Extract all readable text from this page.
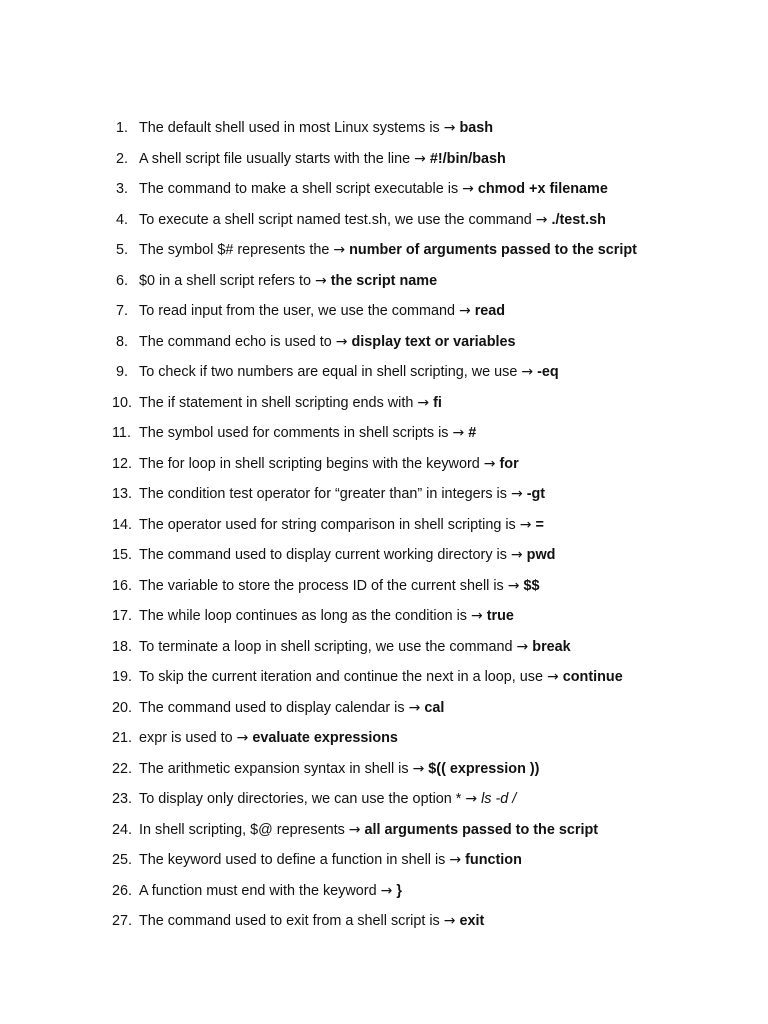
1. The default shell used in most Linux systems is → bash
2. A shell script file usually starts with the line → #!/bin/bash
3. The command to make a shell script executable is → chmod +x filename
4. To execute a shell script named test.sh, we use the command → ./test.sh
5. The symbol $# represents the → number of arguments passed to the script
6. $0 in a shell script refers to → the script name
7. To read input from the user, we use the command → read
8. The command echo is used to → display text or variables
9. To check if two numbers are equal in shell scripting, we use → -eq
10. The if statement in shell scripting ends with → fi
11. The symbol used for comments in shell scripts is → #
12. The for loop in shell scripting begins with the keyword → for
13. The condition test operator for “greater than” in integers is → -gt
14. The operator used for string comparison in shell scripting is → =
15. The command used to display current working directory is → pwd
16. The variable to store the process ID of the current shell is → $$
17. The while loop continues as long as the condition is → true
18. To terminate a loop in shell scripting, we use the command → break
19. To skip the current iteration and continue the next in a loop, use → continue
20. The command used to display calendar is → cal
21. expr is used to → evaluate expressions
22. The arithmetic expansion syntax in shell is → $(( expression ))
23. To display only directories, we can use the option * → ls -d /
24. In shell scripting, $@ represents → all arguments passed to the script
25. The keyword used to define a function in shell is → function
26. A function must end with the keyword → }
27. The command used to exit from a shell script is → exit
